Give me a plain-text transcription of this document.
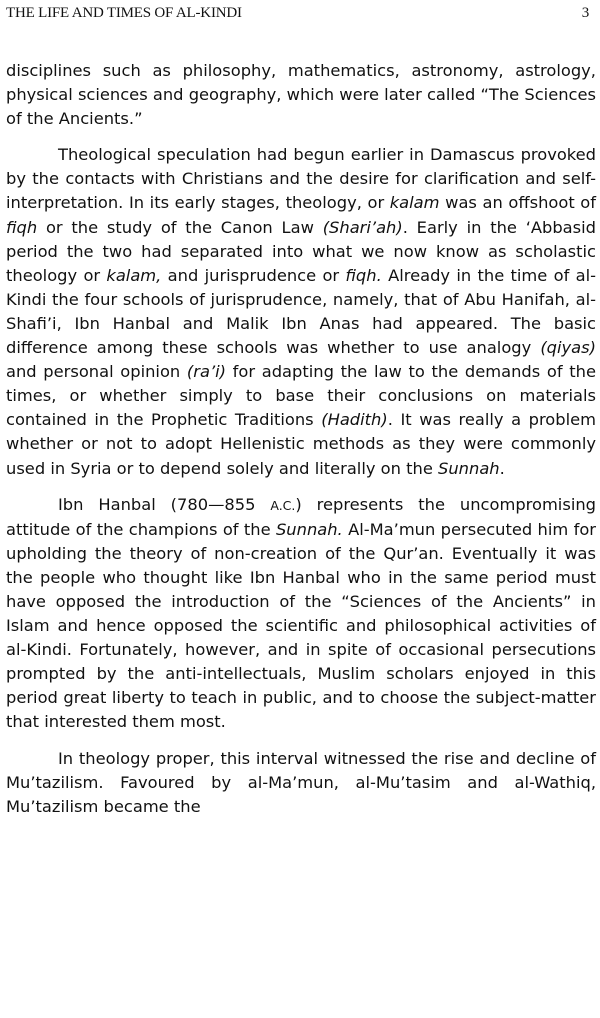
THE LIFE AND TIMES OF AL-KINDI	3

disciplines such as philosophy, mathematics, astronomy, astrology, physical sciences and geography, which were later called “The Sciences of the Ancients.”

Theological speculation had begun earlier in Damascus provoked by the contacts with Christians and the desire for clarification and self-interpretation. In its early stages, theology, or kalam was an offshoot of fiqh or the study of the Canon Law (Shari’ah). Early in the ‘Abbasid period the two had separated into what we now know as scholastic theology or kalam, and jurisprudence or fiqh. Already in the time of al-Kindi the four schools of jurisprudence, namely, that of Abu Hanifah, al-Shafi’i, Ibn Hanbal and Malik Ibn Anas had appeared. The basic difference among these schools was whether to use analogy (qiyas) and personal opinion (ra’i) for adapting the law to the demands of the times, or whether simply to base their conclusions on materials contained in the Prophetic Traditions (Hadith). It was really a problem whether or not to adopt Hellenistic methods as they were commonly used in Syria or to depend solely and literally on the Sunnah.

Ibn Hanbal (780—855 A.C.) represents the uncompromising attitude of the champions of the Sunnah. Al-Ma’mun persecuted him for upholding the theory of non-creation of the Qur’an. Eventually it was the people who thought like Ibn Hanbal who in the same period must have opposed the introduction of the “Sciences of the Ancients” in Islam and hence opposed the scientific and philosophical activities of al-Kindi. Fortunately, however, and in spite of occasional persecutions prompted by the anti-intellectuals, Muslim scholars enjoyed in this period great liberty to teach in public, and to choose the subject-matter that interested them most.

In theology proper, this interval witnessed the rise and decline of Mu’tazilism. Favoured by al-Ma’mun, al-Mu’tasim and al-Wathiq, Mu’tazilism became the
